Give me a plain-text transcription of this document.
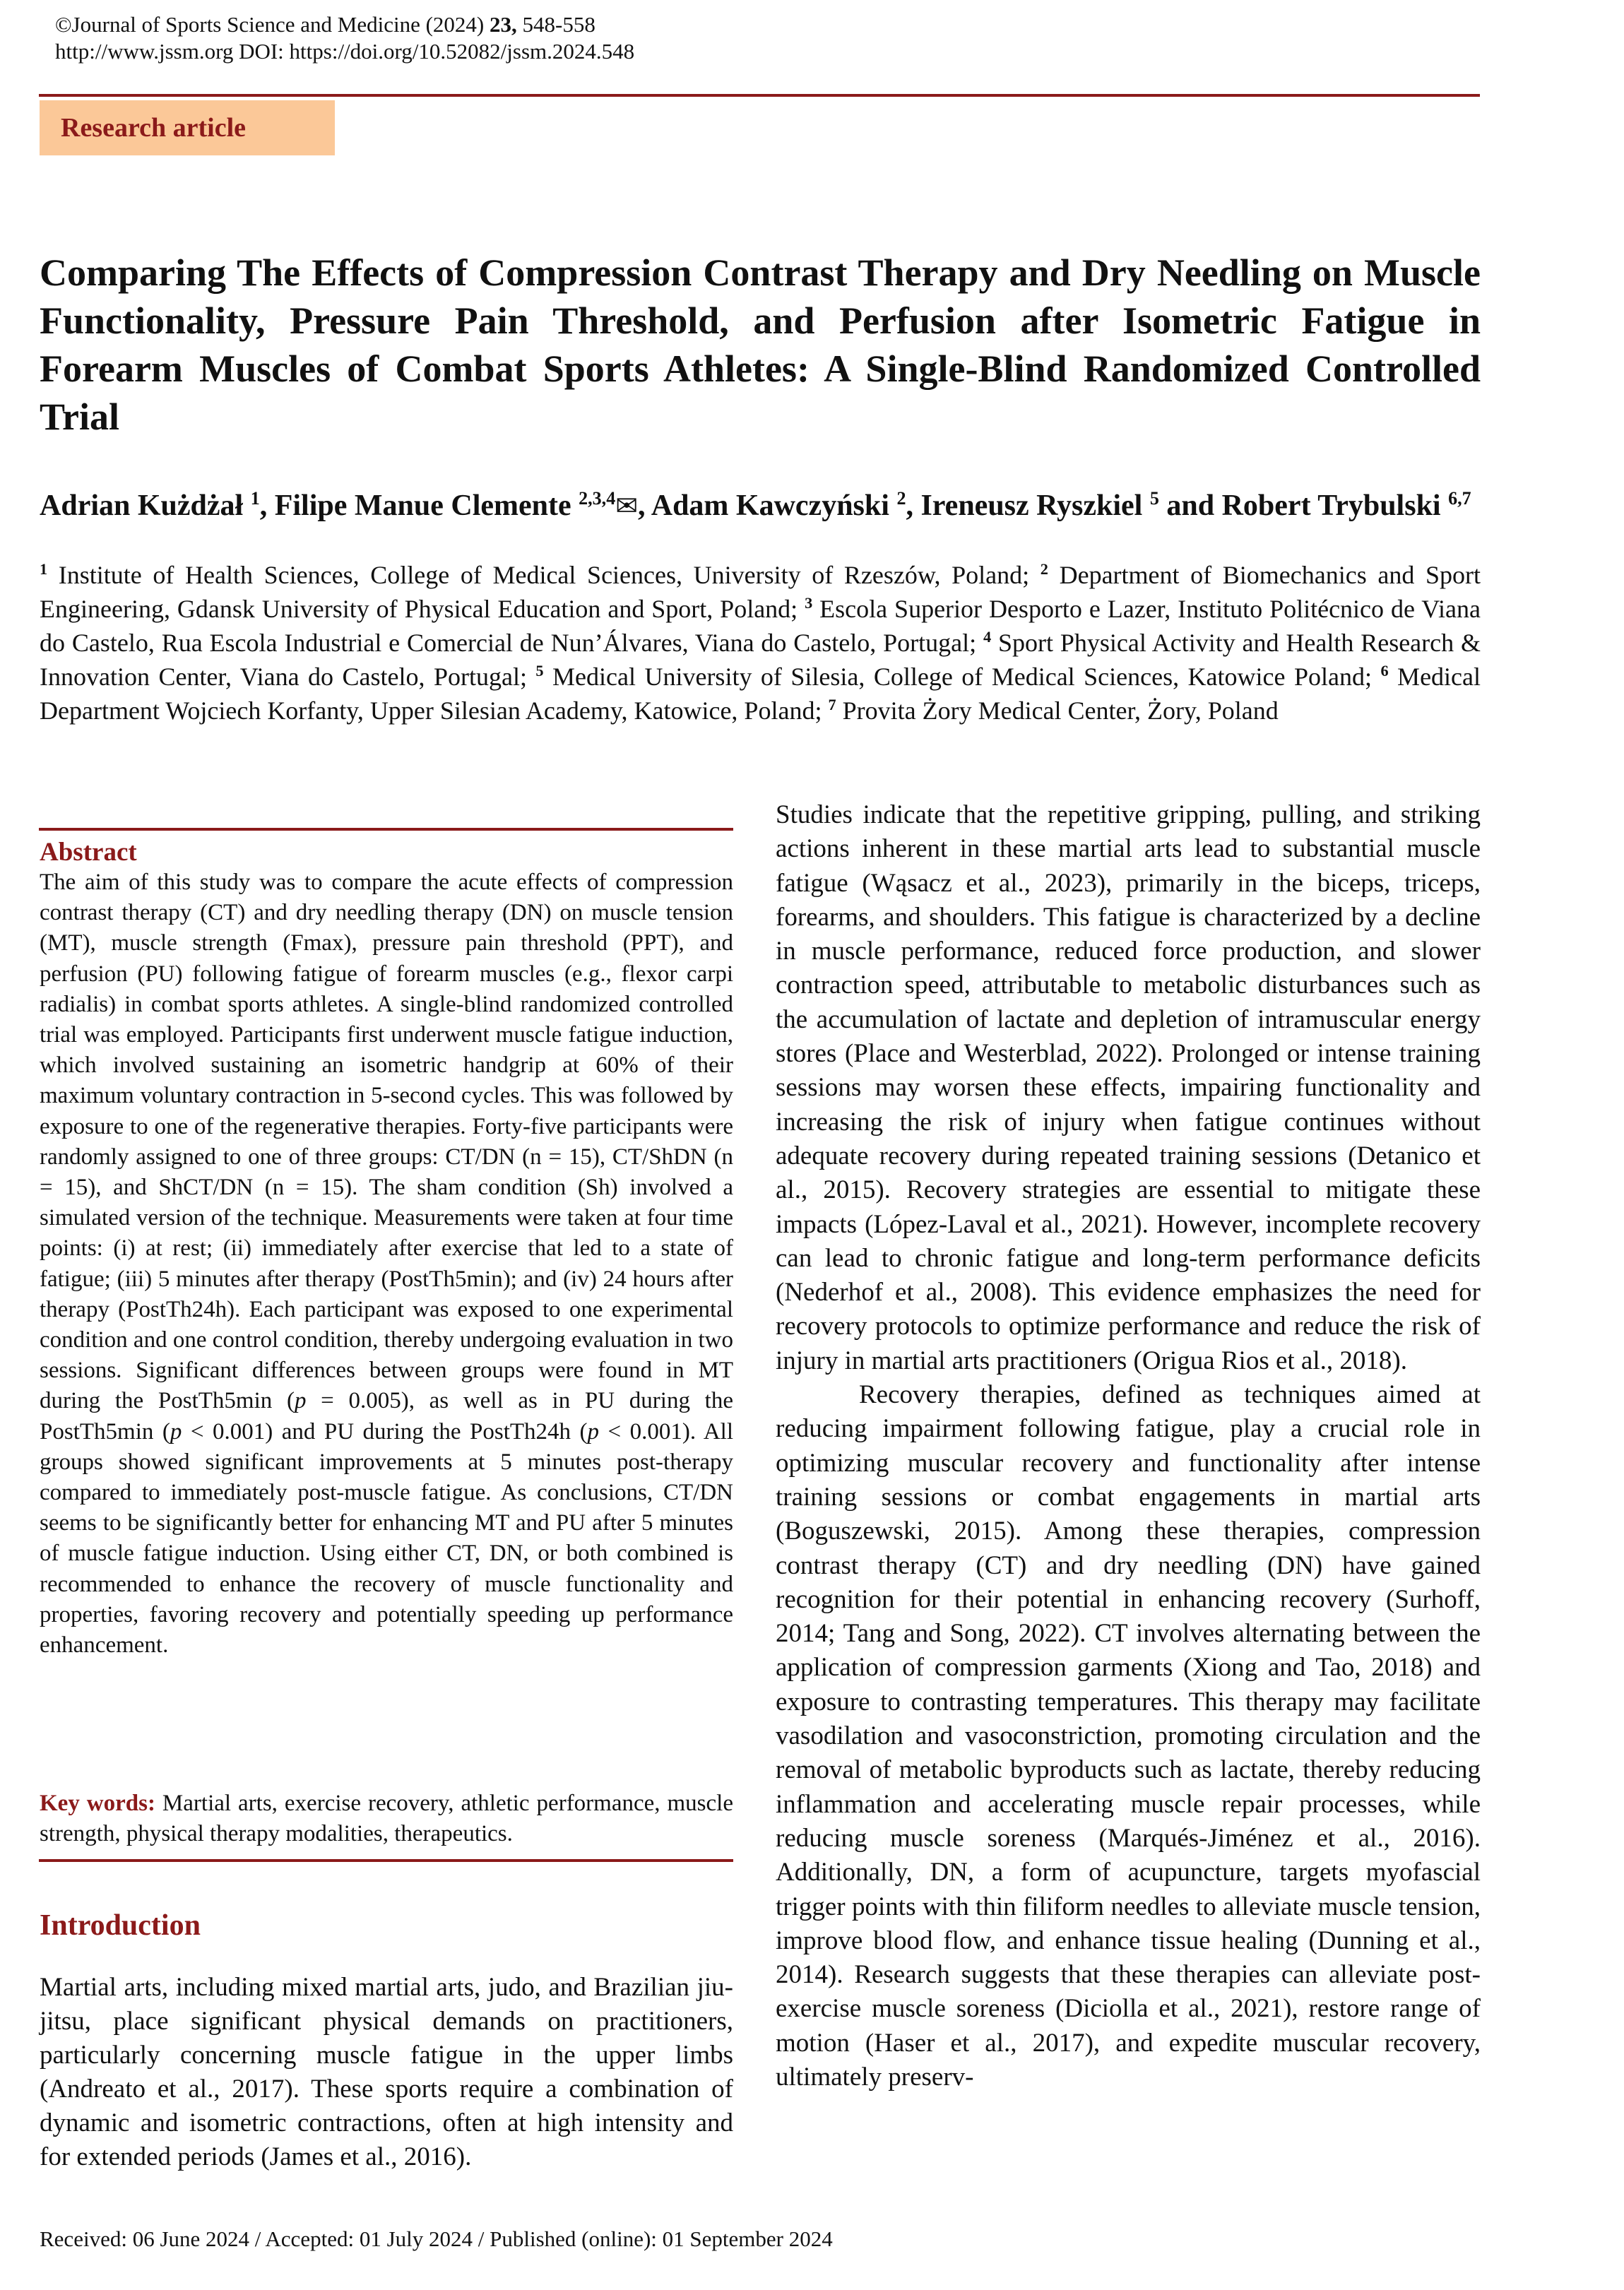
©Journal of Sports Science and Medicine (2024) 23, 548-558
http://www.jssm.org DOI: https://doi.org/10.52082/jssm.2024.548
Research article
Comparing The Effects of Compression Contrast Therapy and Dry Needling on Muscle Functionality, Pressure Pain Threshold, and Perfusion after Isometric Fatigue in Forearm Muscles of Combat Sports Athletes: A Single-Blind Randomized Controlled Trial
Adrian Kużdżał $^1$, Filipe Manue Clemente $^{2,3,4}$✉, Adam Kawczyński $^2$, Ireneusz Ryszkiel $^5$ and Robert Trybulski $^{6,7}$
$^1$ Institute of Health Sciences, College of Medical Sciences, University of Rzeszów, Poland; $^2$ Department of Biomechanics and Sport Engineering, Gdansk University of Physical Education and Sport, Poland; $^3$ Escola Superior Desporto e Lazer, Instituto Politécnico de Viana do Castelo, Rua Escola Industrial e Comercial de Nun’Álvares, Viana do Castelo, Portugal; $^4$ Sport Physical Activity and Health Research & Innovation Center, Viana do Castelo, Portugal; $^5$ Medical University of Silesia, College of Medical Sciences, Katowice Poland; $^6$ Medical Department Wojciech Korfanty, Upper Silesian Academy, Katowice, Poland; $^7$ Provita Żory Medical Center, Żory, Poland
Abstract
The aim of this study was to compare the acute effects of compression contrast therapy (CT) and dry needling therapy (DN) on muscle tension (MT), muscle strength (Fmax), pressure pain threshold (PPT), and perfusion (PU) following fatigue of forearm muscles (e.g., flexor carpi radialis) in combat sports athletes. A single-blind randomized controlled trial was employed. Participants first underwent muscle fatigue induction, which involved sustaining an isometric handgrip at 60% of their maximum voluntary contraction in 5-second cycles. This was followed by exposure to one of the regenerative therapies. Forty-five participants were randomly assigned to one of three groups: CT/DN (n = 15), CT/ShDN (n = 15), and ShCT/DN (n = 15). The sham condition (Sh) involved a simulated version of the technique. Measurements were taken at four time points: (i) at rest; (ii) immediately after exercise that led to a state of fatigue; (iii) 5 minutes after therapy (PostTh5min); and (iv) 24 hours after therapy (PostTh24h). Each participant was exposed to one experimental condition and one control condition, thereby undergoing evaluation in two sessions. Significant differences between groups were found in MT during the PostTh5min (p = 0.005), as well as in PU during the PostTh5min (p < 0.001) and PU during the PostTh24h (p < 0.001). All groups showed significant improvements at 5 minutes post-therapy compared to immediately post-muscle fatigue. As conclusions, CT/DN seems to be significantly better for enhancing MT and PU after 5 minutes of muscle fatigue induction. Using either CT, DN, or both combined is recommended to enhance the recovery of muscle functionality and properties, favoring recovery and potentially speeding up performance enhancement.
Key words: Martial arts, exercise recovery, athletic performance, muscle strength, physical therapy modalities, therapeutics.
Introduction
Martial arts, including mixed martial arts, judo, and Brazilian jiu-jitsu, place significant physical demands on practitioners, particularly concerning muscle fatigue in the upper limbs (Andreato et al., 2017). These sports require a combination of dynamic and isometric contractions, often at high intensity and for extended periods (James et al., 2016).

Studies indicate that the repetitive gripping, pulling, and striking actions inherent in these martial arts lead to substantial muscle fatigue (Wąsacz et al., 2023), primarily in the biceps, triceps, forearms, and shoulders. This fatigue is characterized by a decline in muscle performance, reduced force production, and slower contraction speed, attributable to metabolic disturbances such as the accumulation of lactate and depletion of intramuscular energy stores (Place and Westerblad, 2022). Prolonged or intense training sessions may worsen these effects, impairing functionality and increasing the risk of injury when fatigue continues without adequate recovery during repeated training sessions (Detanico et al., 2015). Recovery strategies are essential to mitigate these impacts (López-Laval et al., 2021). However, incomplete recovery can lead to chronic fatigue and long-term performance deficits (Nederhof et al., 2008). This evidence emphasizes the need for recovery protocols to optimize performance and reduce the risk of injury in martial arts practitioners (Origua Rios et al., 2018).

Recovery therapies, defined as techniques aimed at reducing impairment following fatigue, play a crucial role in optimizing muscular recovery and functionality after intense training sessions or combat engagements in martial arts (Boguszewski, 2015). Among these therapies, compression contrast therapy (CT) and dry needling (DN) have gained recognition for their potential in enhancing recovery (Surhoff, 2014; Tang and Song, 2022). CT involves alternating between the application of compression garments (Xiong and Tao, 2018) and exposure to contrasting temperatures. This therapy may facilitate vasodilation and vasoconstriction, promoting circulation and the removal of metabolic byproducts such as lactate, thereby reducing inflammation and accelerating muscle repair processes, while reducing muscle soreness (Marqués-Jiménez et al., 2016). Additionally, DN, a form of acupuncture, targets myofascial trigger points with thin filiform needles to alleviate muscle tension, improve blood flow, and enhance tissue healing (Dunning et al., 2014). Research suggests that these therapies can alleviate post-exercise muscle soreness (Diciolla et al., 2021), restore range of motion (Haser et al., 2017), and expedite muscular recovery, ultimately preserv-

Received: 06 June 2024 / Accepted: 01 July 2024 / Published (online): 01 September 2024
